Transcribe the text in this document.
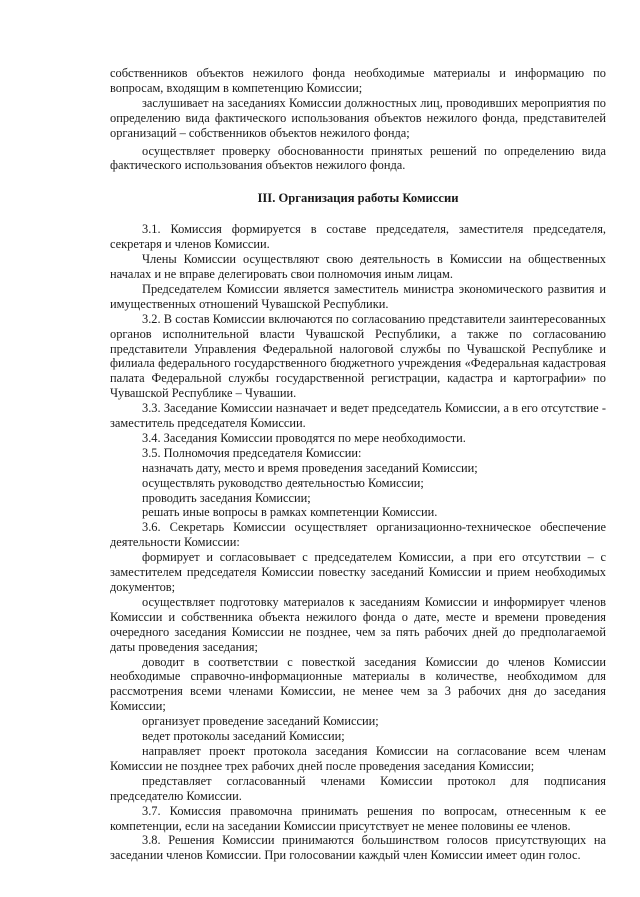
собственников объектов нежилого фонда необходимые материалы и информацию по вопросам, входящим в компетенцию Комиссии;

заслушивает на заседаниях Комиссии должностных лиц, проводивших мероприятия по определению вида фактического использования объектов нежилого фонда, представителей организаций – собственников объектов нежилого фонда;

осуществляет проверку обоснованности принятых решений по определению вида фактического использования объектов нежилого фонда.

III. Организация работы Комиссии

3.1. Комиссия формируется в составе председателя, заместителя председателя, секретаря и членов Комиссии.

Члены Комиссии осуществляют свою деятельность в Комиссии на общественных началах и не вправе делегировать свои полномочия иным лицам.

Председателем Комиссии является заместитель министра экономического развития и имущественных отношений Чувашской Республики.

3.2. В состав Комиссии включаются по согласованию представители заинтересованных органов исполнительной власти Чувашской Республики, а также по согласованию представители Управления Федеральной налоговой службы по Чувашской Республике и филиала федерального государственного бюджетного учреждения «Федеральная кадастровая палата Федеральной службы государственной регистрации, кадастра и картографии» по Чувашской Республике – Чувашии.

3.3. Заседание Комиссии назначает и ведет председатель Комиссии, а в его отсутствие - заместитель председателя Комиссии.

3.4. Заседания Комиссии проводятся по мере необходимости.

3.5. Полномочия председателя Комиссии:

назначать дату, место и время проведения заседаний Комиссии;

осуществлять руководство деятельностью Комиссии;

проводить заседания Комиссии;

решать иные вопросы в рамках компетенции Комиссии.

3.6. Секретарь Комиссии осуществляет организационно-техническое обеспечение деятельности Комиссии:

формирует и согласовывает с председателем Комиссии, а при его отсутствии – с заместителем председателя Комиссии повестку заседаний Комиссии и прием необходимых документов;

осуществляет подготовку материалов к заседаниям Комиссии и информирует членов Комиссии и собственника объекта нежилого фонда о дате, месте и времени проведения очередного заседания Комиссии не позднее, чем за пять рабочих дней до предполагаемой даты проведения заседания;

доводит в соответствии с повесткой заседания Комиссии до членов Комиссии необходимые справочно-информационные материалы в количестве, необходимом для рассмотрения всеми членами Комиссии, не менее чем за 3 рабочих дня до заседания Комиссии;

организует проведение заседаний Комиссии;

ведет протоколы заседаний Комиссии;

направляет проект протокола заседания Комиссии на согласование всем членам Комиссии не позднее трех рабочих дней после проведения заседания Комиссии;

представляет согласованный членами Комиссии протокол для подписания председателю Комиссии.

3.7. Комиссия правомочна принимать решения по вопросам, отнесенным к ее компетенции, если на заседании Комиссии присутствует не менее половины ее членов.

3.8. Решения Комиссии принимаются большинством голосов присутствующих на заседании членов Комиссии. При голосовании каждый член Комиссии имеет один голос.
